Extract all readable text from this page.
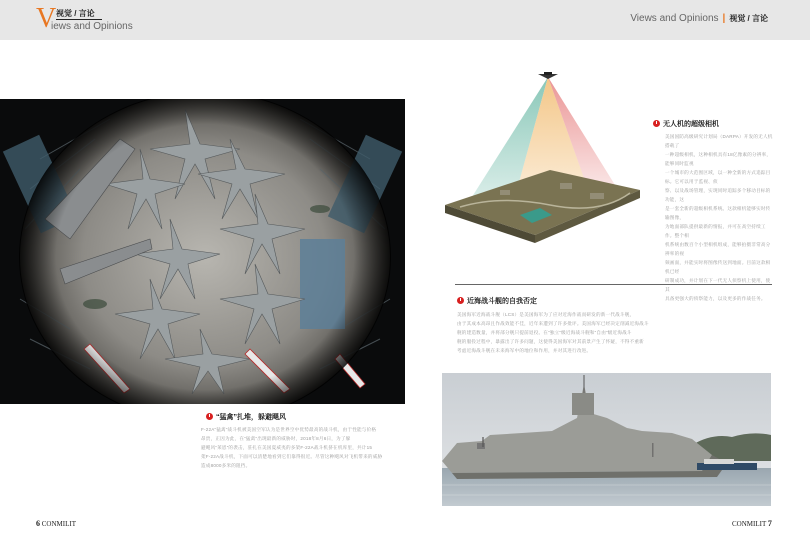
V 视觉 / 言论
iews and Opinions
Views and Opinions | 视觉 / 言论
“猛禽”扎堆，躲避飓风
F-22A“猛禽”战斗机被美国空军认为是世界空中优势最高的战斗机，由于性能与价格
昂贵，正因为此，在“猛禽”出现最新的威胁时，2018年8月6日，为了躲
避飓风“莱恩”的袭击，驻扎在美国夏威夷的多架F-22A战斗机挤在机库里，共计15
架F-22A战斗机，下面可以清楚地看到它们靠得很近。尽管这种飓风对飞机带来的威胁
造成8000多米的阻挡。
无人机的超级相机
美国国防高级研究计划局（DARPA）开发的无人机搭载了
一种超级相机，这种相机具有18亿像素的分辨率，能够同时监视
一个城市的大范围区域，以一种全新的方式追踪目标。它可以用于监视、侦
察、以及战场管理，实现同时追踪多个移动目标的功能，这
是一套全新的超级相机系统。这款相机能够实时传输图像，
为地面部队提供最新的情报，并可在高空持续工作。整个相
机系统由数百个小型相机组成，能够拍摄非常高分辨率的视
频画面，并能实时将图像传送到地面。目前这款相机已经
研制成功，并计划在下一代无人侦察机上使用，使其
具备更强大的侦察能力，以及更多的作战任务。
近海战斗舰的自我否定
美国海军近海战斗舰（LCS）是美国海军为了应对近海作战而研发的新一代战斗舰，
由于其成本高昂且作战效能不佳，近年来遭到了许多批评。美国海军已经决定削减近海战斗
舰的建造数量，并将部分舰只提前退役。在“独立”级近海战斗舰和“自由”级近海战斗
舰的服役过程中，暴露出了许多问题，这使得美国海军对其前景产生了怀疑，不得不重新
考虑近海战斗舰在未来海军中的地位和作用，并对其进行改进。
6 CONMILIT	CONMILIT 7
